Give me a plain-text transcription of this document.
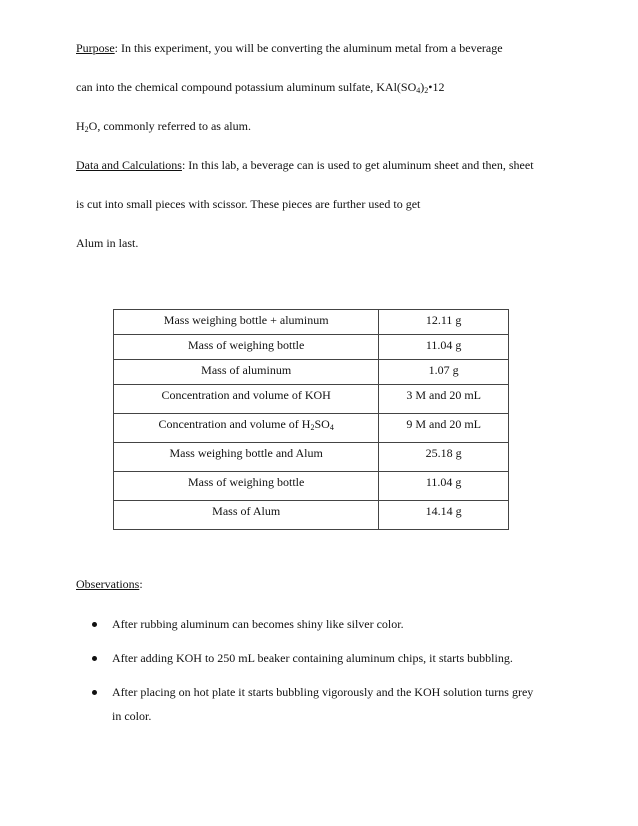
Purpose: In this experiment, you will be converting the aluminum metal from a beverage
can into the chemical compound potassium aluminum sulfate, $KAl(SO_4)_2•12$
$H_2O$, commonly referred to as alum.
Data and Calculations: In this lab, a beverage can is used to get aluminum sheet and then, sheet
is cut into small pieces with scissor. These pieces are further used to get
Alum in last.
Mass weighing bottle + aluminum	12.11 g
Mass of weighing bottle	11.04 g
Mass of aluminum	1.07 g
Concentration and volume of KOH	3 M and 20 mL
Concentration and volume of $H_2SO_4$	9 M and 20 mL
Mass weighing bottle and Alum	25.18 g
Mass of weighing bottle	11.04 g
Mass of Alum	14.14 g
Observations:
After rubbing aluminum can becomes shiny like silver color.
After adding KOH to 250 mL beaker containing aluminum chips, it starts bubbling.
After placing on hot plate it starts bubbling vigorously and the KOH solution turns grey
in color.
